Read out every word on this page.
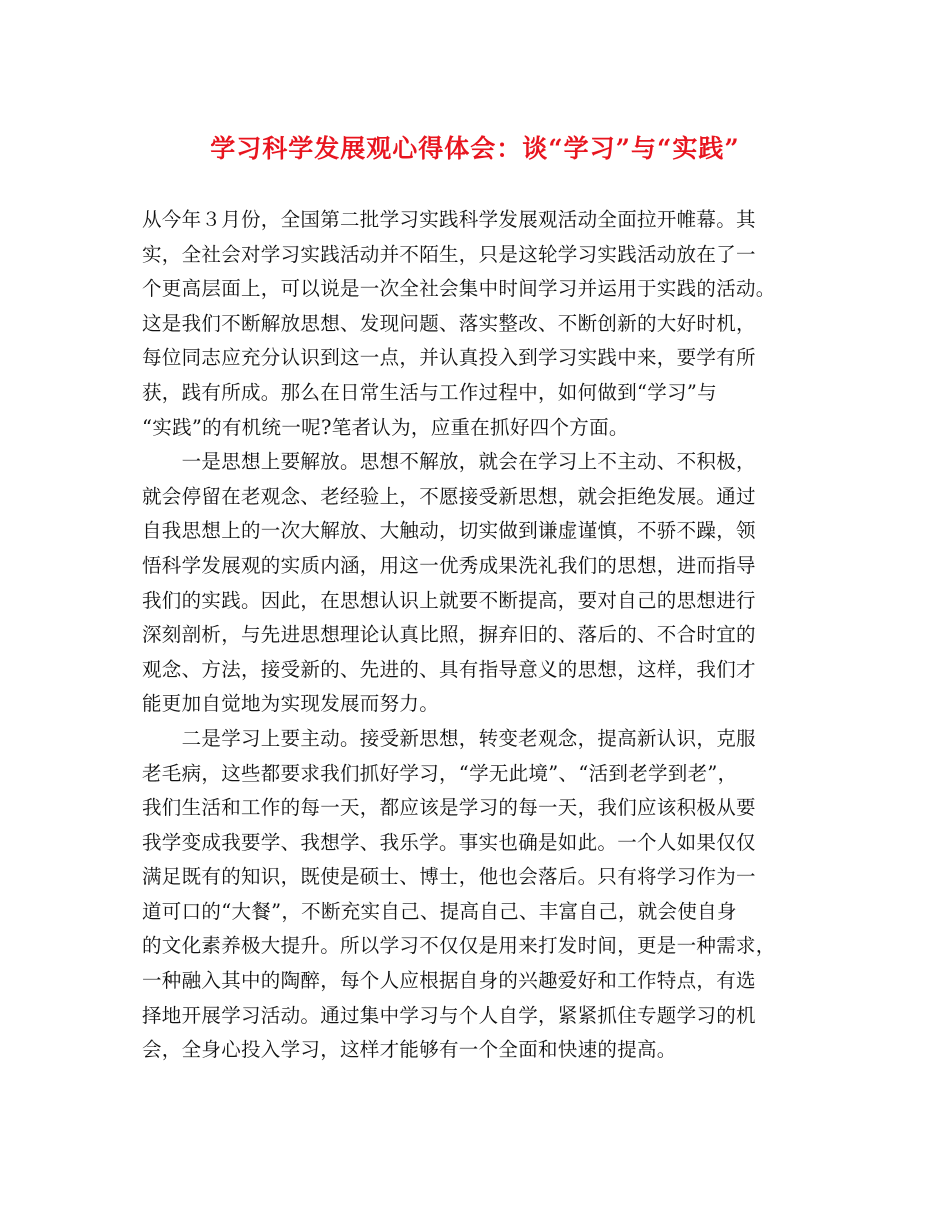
学习科学发展观心得体会：谈“学习”与“实践”
从今年３月份，全国第二批学习实践科学发展观活动全面拉开帷幕。其
实，全社会对学习实践活动并不陌生，只是这轮学习实践活动放在了一
个更高层面上，可以说是一次全社会集中时间学习并运用于实践的活动。
这是我们不断解放思想、发现问题、落实整改、不断创新的大好时机，
每位同志应充分认识到这一点，并认真投入到学习实践中来，要学有所
获，践有所成。那么在日常生活与工作过程中，如何做到“学习”与
“实践”的有机统一呢?笔者认为，应重在抓好四个方面。
　　一是思想上要解放。思想不解放，就会在学习上不主动、不积极，
就会停留在老观念、老经验上，不愿接受新思想，就会拒绝发展。通过
自我思想上的一次大解放、大触动，切实做到谦虚谨慎，不骄不躁，领
悟科学发展观的实质内涵，用这一优秀成果洗礼我们的思想，进而指导
我们的实践。因此，在思想认识上就要不断提高，要对自己的思想进行
深刻剖析，与先进思想理论认真比照，摒弃旧的、落后的、不合时宜的
观念、方法，接受新的、先进的、具有指导意义的思想，这样，我们才
能更加自觉地为实现发展而努力。
　　二是学习上要主动。接受新思想，转变老观念，提高新认识，克服
老毛病，这些都要求我们抓好学习，“学无此境”、“活到老学到老”，
我们生活和工作的每一天，都应该是学习的每一天，我们应该积极从要
我学变成我要学、我想学、我乐学。事实也确是如此。一个人如果仅仅
满足既有的知识，既使是硕士、博士，他也会落后。只有将学习作为一
道可口的“大餐”，不断充实自己、提高自己、丰富自己，就会使自身
的文化素养极大提升。所以学习不仅仅是用来打发时间，更是一种需求，
一种融入其中的陶醉，每个人应根据自身的兴趣爱好和工作特点，有选
择地开展学习活动。通过集中学习与个人自学，紧紧抓住专题学习的机
会，全身心投入学习，这样才能够有一个全面和快速的提高。
